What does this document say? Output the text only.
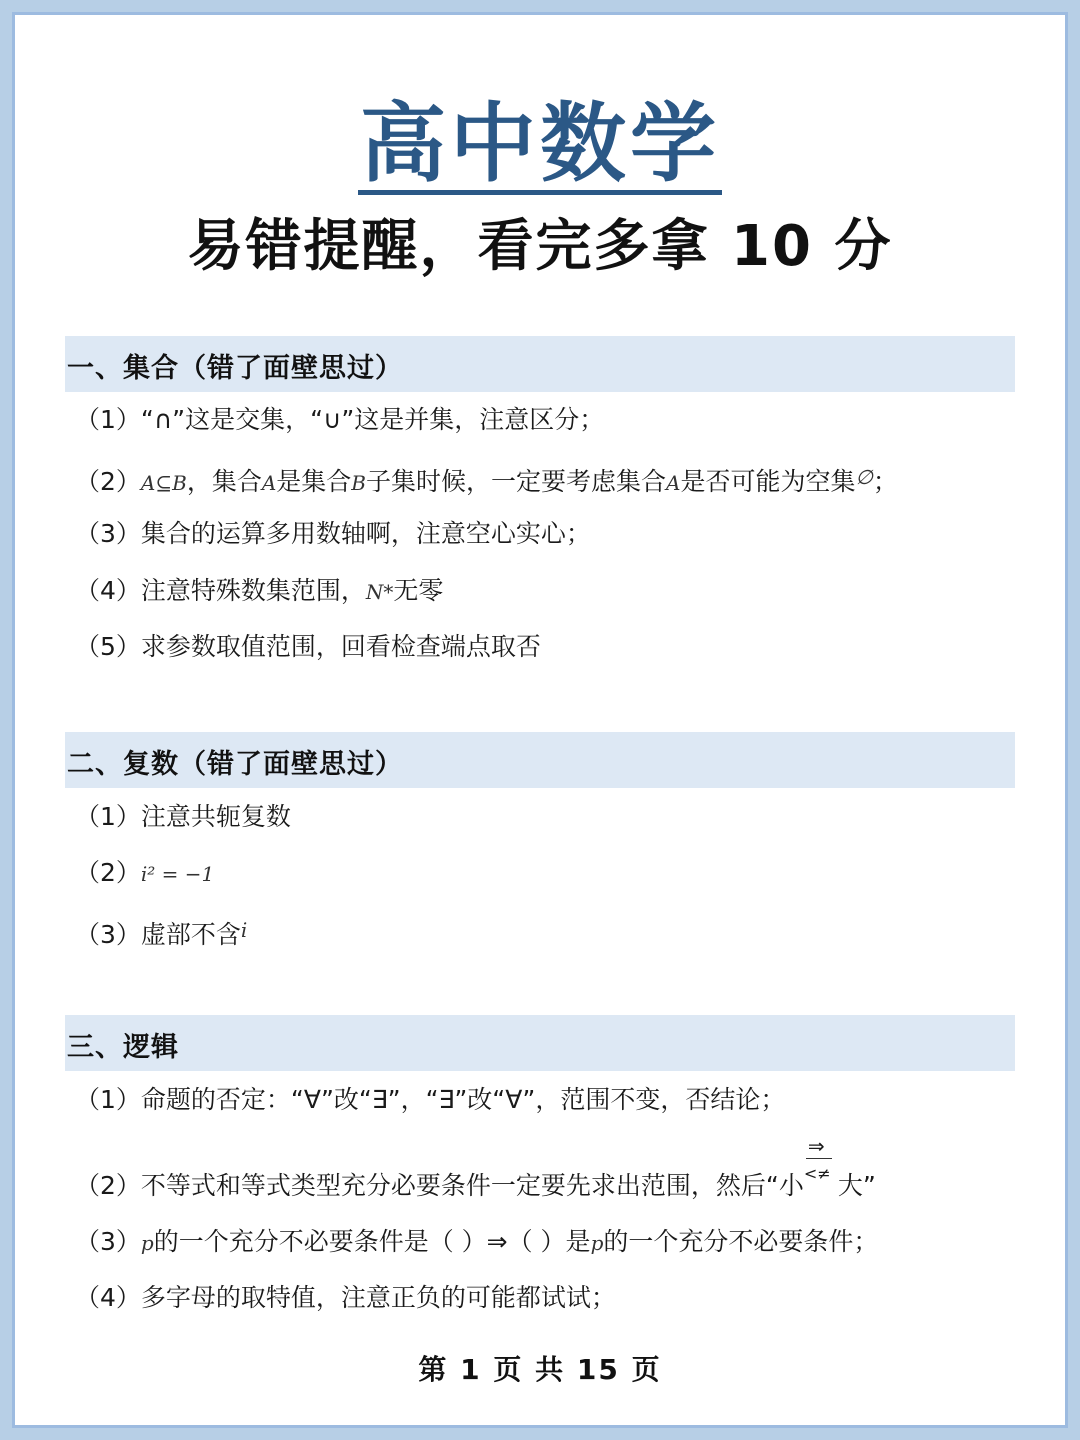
高中数学
易错提醒，看完多拿 10 分
一、集合（错了面壁思过）
（1）“∩”这是交集，“∪”这是并集，注意区分；
（2）A⊆B，集合A是集合B子集时候，一定要考虑集合A是否可能为空集∅；
（3）集合的运算多用数轴啊，注意空心实心；
（4）注意特殊数集范围，N*无零
（5）求参数取值范围，回看检查端点取否
二、复数（错了面壁思过）
（1）注意共轭复数
（2）i² = −1
（3）虚部不含$^i$
三、逻辑
（1）命题的否定：“∀”改“∃”，“∃”改“∀”，范围不变，否结论；
（2）不等式和等式类型充分必要条件一定要先求出范围，然后“小
⇒
<≠ 大”
（3）p的一个充分不必要条件是（ ）⇒（ ）是p的一个充分不必要条件；
（4）多字母的取特值，注意正负的可能都试试；
第 1 页 共 15 页
